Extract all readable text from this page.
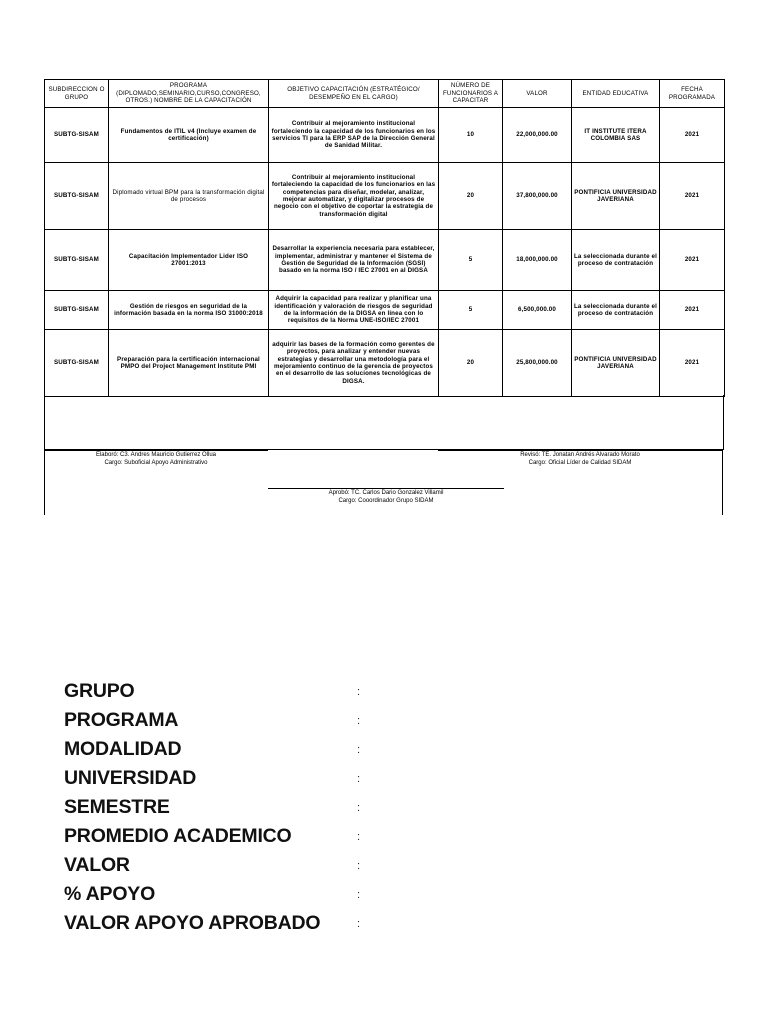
SUBDIRECCION O GRUPO	PROGRAMA (DIPLOMADO,SEMINARIO,CURSO,CONGRESO, OTROS.) NOMBRE DE LA CAPACITACIÓN	OBJETIVO CAPACITACIÓN (ESTRATÉGICO/ DESEMPEÑO EN EL CARGO)	NÚMERO DE FUNCIONARIOS A CAPACITAR	VALOR	ENTIDAD EDUCATIVA	FECHA PROGRAMADA
SUBTG-SISAM	Fundamentos de ITIL v4 (Incluye examen de certificación)	Contribuir al mejoramiento institucional fortaleciendo la capacidad de los funcionarios en los servicios TI para la ERP SAP de la Dirección General de Sanidad Militar.	10	22,000,000.00	IT INSTITUTE ITERA COLOMBIA SAS	2021
SUBTG-SISAM	Diplomado virtual BPM para la transformación digital de procesos	Contribuir al mejoramiento institucional fortaleciendo la capacidad de los funcionarios en las competencias para diseñar, modelar, analizar, mejorar automatizar, y digitalizar procesos de negocio con el objetivo de coportar la estrategia de transformación digital	20	37,800,000.00	PONTIFICIA UNIVERSIDAD JAVERIANA	2021
SUBTG-SISAM	Capacitación Implementador Lider ISO 27001:2013	Desarrollar la experiencia necesaria para establecer, implementar, administrar y mantener el Sistema de Gestión de Seguridad de la Información (SGSI) basado en la norma ISO / IEC 27001 en al DIGSA	5	18,000,000.00	La seleccionada durante el proceso de contratación	2021
SUBTG-SISAM	Gestión de riesgos en seguridad de la información basada en la norma ISO 31000:2018	Adquirir la capacidad para realizar y planificar una identificación y valoración de riesgos de seguridad de la información de la DIGSA en linea con lo requisitos de la Norma UNE-ISO/IEC 27001	5	6,500,000.00	La seleccionada durante el proceso de contratación	2021
SUBTG-SISAM	Preparación para la certificación internacional PMPO del Project Management Institute PMI	adquirir las bases de la formación como gerentes de proyectos, para analizar y entender nuevas estrategias y desarrollar una metodología para el mejoramiento continuo de la gerencia de proyectos en el desarrollo de las soluciones tecnológicas de DIGSA.	20	25,800,000.00	PONTIFICIA UNIVERSIDAD JAVERIANA	2021
Elaboró: C3. Andres Mauricio Gutierrez Ollua
Cargo: Suboficial Apoyo Administrativo
Revisó: TE. Jonatan Andrés Alvarado Morato
Cargo: Oficial Líder de Calidad SIDAM
Aprobó: TC. Carlos Dario Gonzalez Villamil
Cargo: Cooordinador Grupo SIDAM
GRUPO	:
PROGRAMA	:
MODALIDAD	:
UNIVERSIDAD	:
SEMESTRE	:
PROMEDIO ACADEMICO	:
VALOR	:
% APOYO	:
VALOR APOYO APROBADO	:
